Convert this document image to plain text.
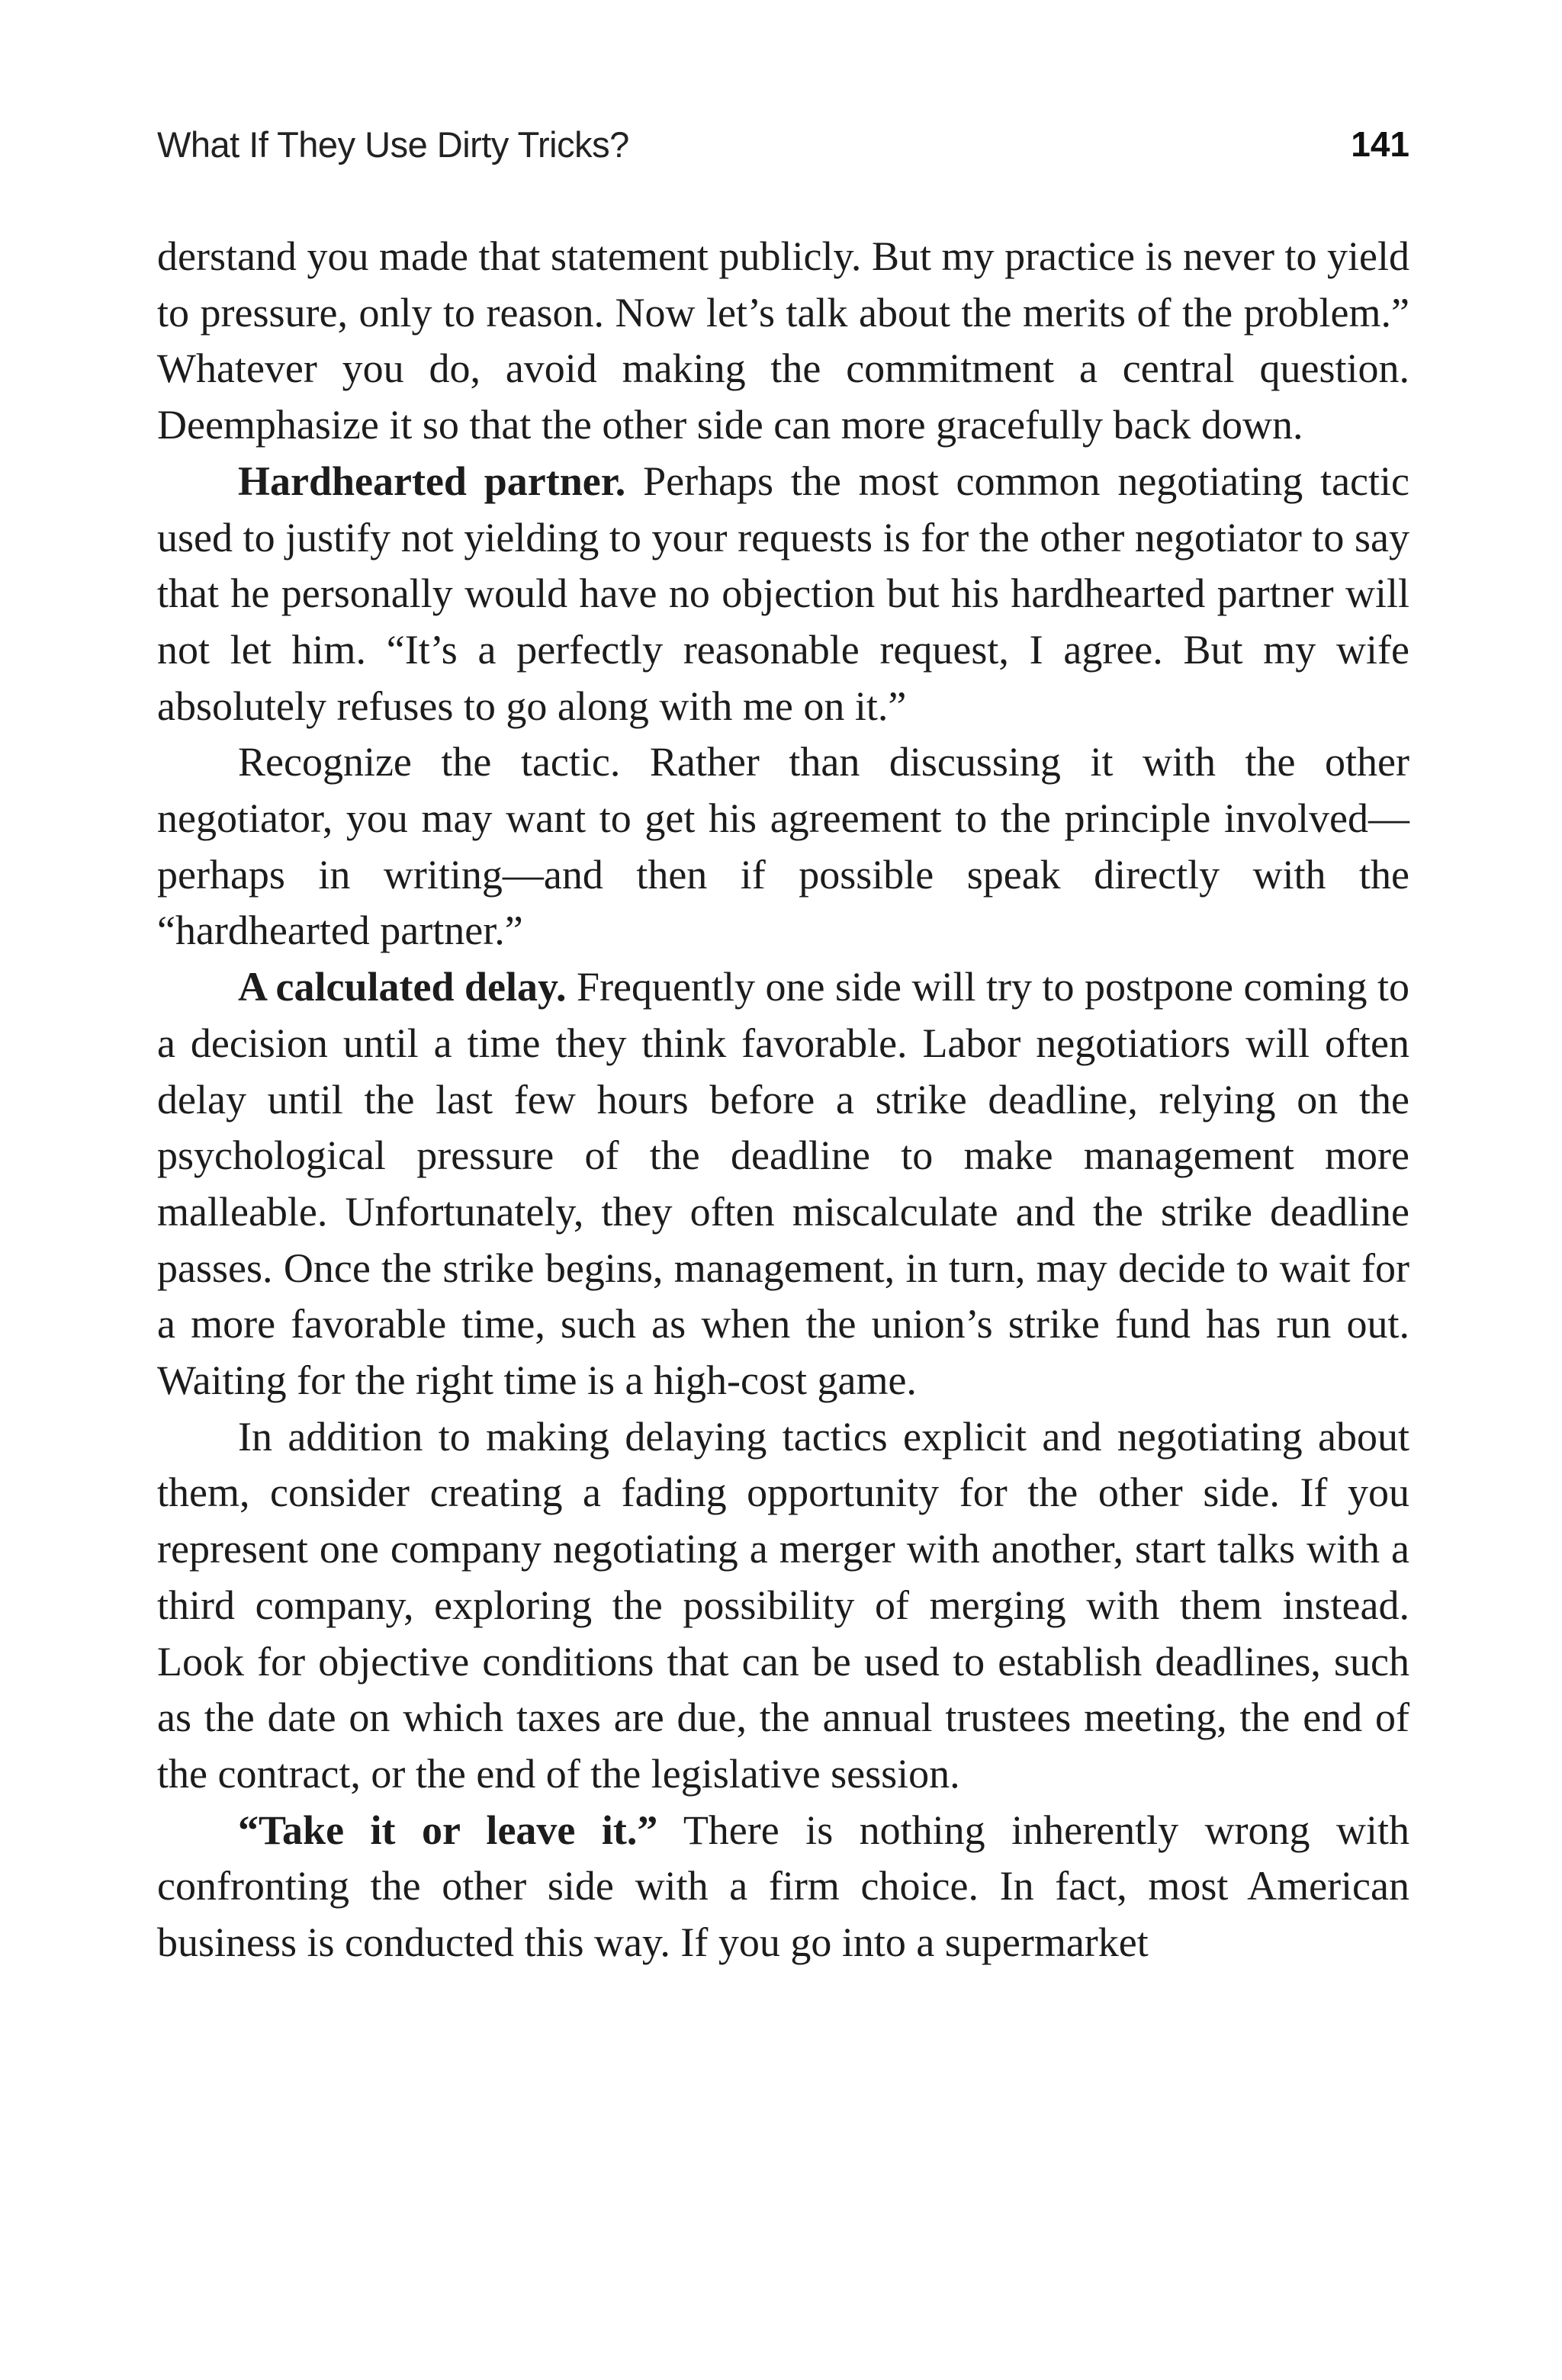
What If They Use Dirty Tricks?	141

derstand you made that statement publicly. But my practice is never to yield to pressure, only to reason. Now let’s talk about the merits of the problem.” Whatever you do, avoid making the commitment a central question. Deemphasize it so that the other side can more gracefully back down.

Hardhearted partner. Perhaps the most common negotiating tactic used to justify not yielding to your requests is for the other negotiator to say that he personally would have no objection but his hardhearted partner will not let him. “It’s a perfectly reasonable request, I agree. But my wife absolutely refuses to go along with me on it.”

Recognize the tactic. Rather than discussing it with the other negotiator, you may want to get his agreement to the principle involved—perhaps in writing—and then if possible speak directly with the “hardhearted partner.”

A calculated delay. Frequently one side will try to postpone coming to a decision until a time they think favorable. Labor negotiatiors will often delay until the last few hours before a strike deadline, relying on the psychological pressure of the deadline to make management more malleable. Unfortunately, they often miscalculate and the strike deadline passes. Once the strike begins, management, in turn, may decide to wait for a more favorable time, such as when the union’s strike fund has run out. Waiting for the right time is a high-cost game.

In addition to making delaying tactics explicit and negotiating about them, consider creating a fading opportunity for the other side. If you represent one company negotiating a merger with another, start talks with a third company, exploring the possibility of merging with them instead. Look for objective conditions that can be used to establish deadlines, such as the date on which taxes are due, the annual trustees meeting, the end of the contract, or the end of the legislative session.

“Take it or leave it.” There is nothing inherently wrong with confronting the other side with a firm choice. In fact, most American business is conducted this way. If you go into a supermarket
